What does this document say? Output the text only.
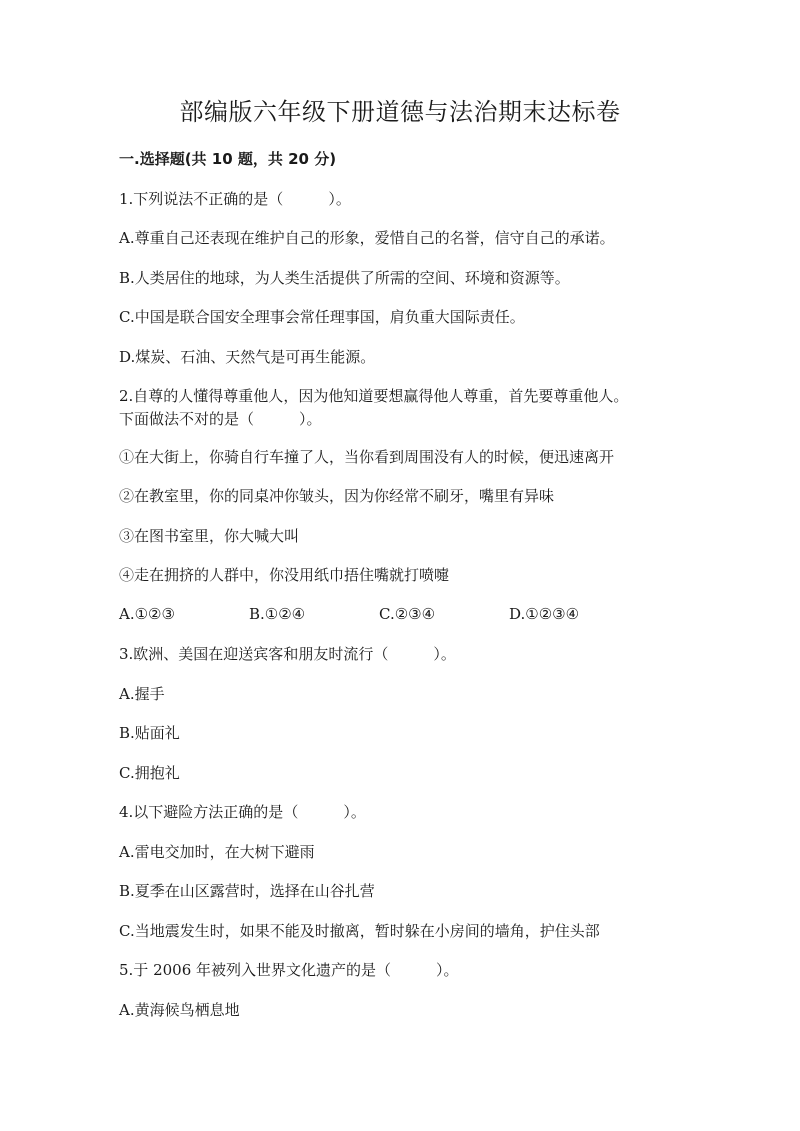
部编版六年级下册道德与法治期末达标卷
一.选择题(共 10 题，共 20 分)
1.下列说法不正确的是（　　　）。
A.尊重自己还表现在维护自己的形象，爱惜自己的名誉，信守自己的承诺。
B.人类居住的地球，为人类生活提供了所需的空间、环境和资源等。
C.中国是联合国安全理事会常任理事国，肩负重大国际责任。
D.煤炭、石油、天然气是可再生能源。
2.自尊的人懂得尊重他人，因为他知道要想赢得他人尊重，首先要尊重他人。
下面做法不对的是（　　　）。
①在大街上，你骑自行车撞了人，当你看到周围没有人的时候，便迅速离开
②在教室里，你的同桌冲你皱头，因为你经常不刷牙，嘴里有异味
③在图书室里，你大喊大叫
④走在拥挤的人群中，你没用纸巾捂住嘴就打喷嚏
A.①②③	B.①②④	C.②③④	D.①②③④
3.欧洲、美国在迎送宾客和朋友时流行（　　　）。
A.握手
B.贴面礼
C.拥抱礼
4.以下避险方法正确的是（　　　）。
A.雷电交加时，在大树下避雨
B.夏季在山区露营时，选择在山谷扎营
C.当地震发生时，如果不能及时撤离，暂时躲在小房间的墙角，护住头部
5.于 2006 年被列入世界文化遗产的是（　　　）。
A.黄海候鸟栖息地
